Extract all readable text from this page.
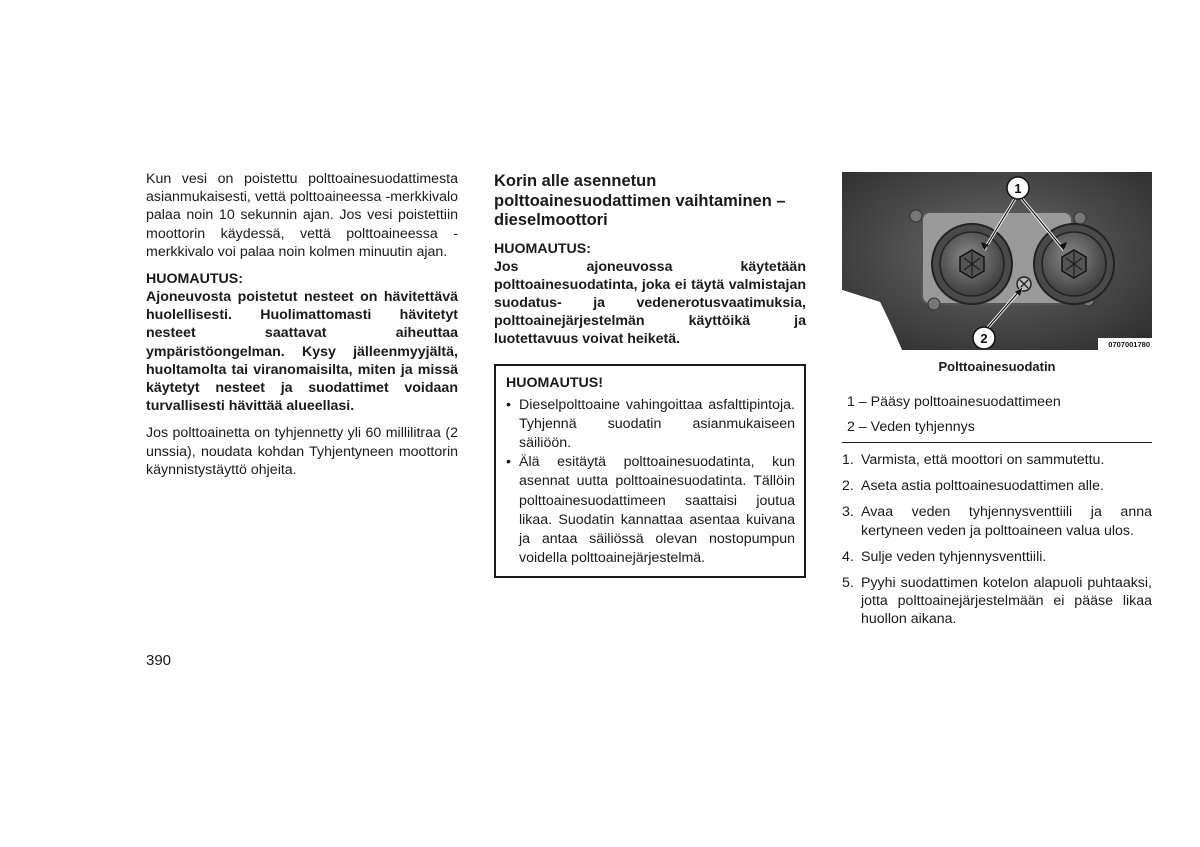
Kun vesi on poistettu polttoainesuodattimesta asianmukaisesti, vettä polttoaineessa -merkkivalo palaa noin 10 sekunnin ajan. Jos vesi poistettiin moottorin käydessä, vettä polttoaineessa -merkkivalo voi palaa noin kolmen minuutin ajan.

HUOMAUTUS:

Ajoneuvosta poistetut nesteet on hävitettävä huolellisesti. Huolimattomasti hävitetyt nesteet saattavat aiheuttaa ympäristöongelman. Kysy jälleenmyyjältä, huoltamolta tai viranomaisilta, miten ja missä käytetyt nesteet ja suodattimet voidaan turvallisesti hävittää alueellasi.

Jos polttoainetta on tyhjennetty yli 60 millilitraa (2 unssia), noudata kohdan Tyhjentyneen moottorin käynnistystäyttö ohjeita.

Korin alle asennetun polttoainesuodattimen vaihtaminen – dieselmoottori

HUOMAUTUS:

Jos ajoneuvossa käytetään polttoainesuodatinta, joka ei täytä valmistajan suodatus- ja vedenerotusvaatimuksia, polttoainejärjestelmän käyttöikä ja luotettavuus voivat heiketä.

HUOMAUTUS!
• Dieselpolttoaine vahingoittaa asfalttipintoja. Tyhjennä suodatin asianmukaiseen säiliöön.
• Älä esitäytä polttoainesuodatinta, kun asennat uutta polttoainesuodatinta. Tällöin polttoainesuodattimeen saattaisi joutua likaa. Suodatin kannattaa asentaa kuivana ja antaa säiliössä olevan nostopumpun voidella polttoainejärjestelmä.
1
2	0707001780
Polttoainesuodatin
1 – Pääsy polttoainesuodattimeen
2 – Veden tyhjennys
1. Varmista, että moottori on sammutettu.
2. Aseta astia polttoainesuodattimen alle.
3. Avaa veden tyhjennysventtiili ja anna kertyneen veden ja polttoaineen valua ulos.
4. Sulje veden tyhjennysventtiili.
5. Pyyhi suodattimen kotelon alapuoli puhtaaksi, jotta polttoainejärjestelmään ei pääse likaa huollon aikana.
390
